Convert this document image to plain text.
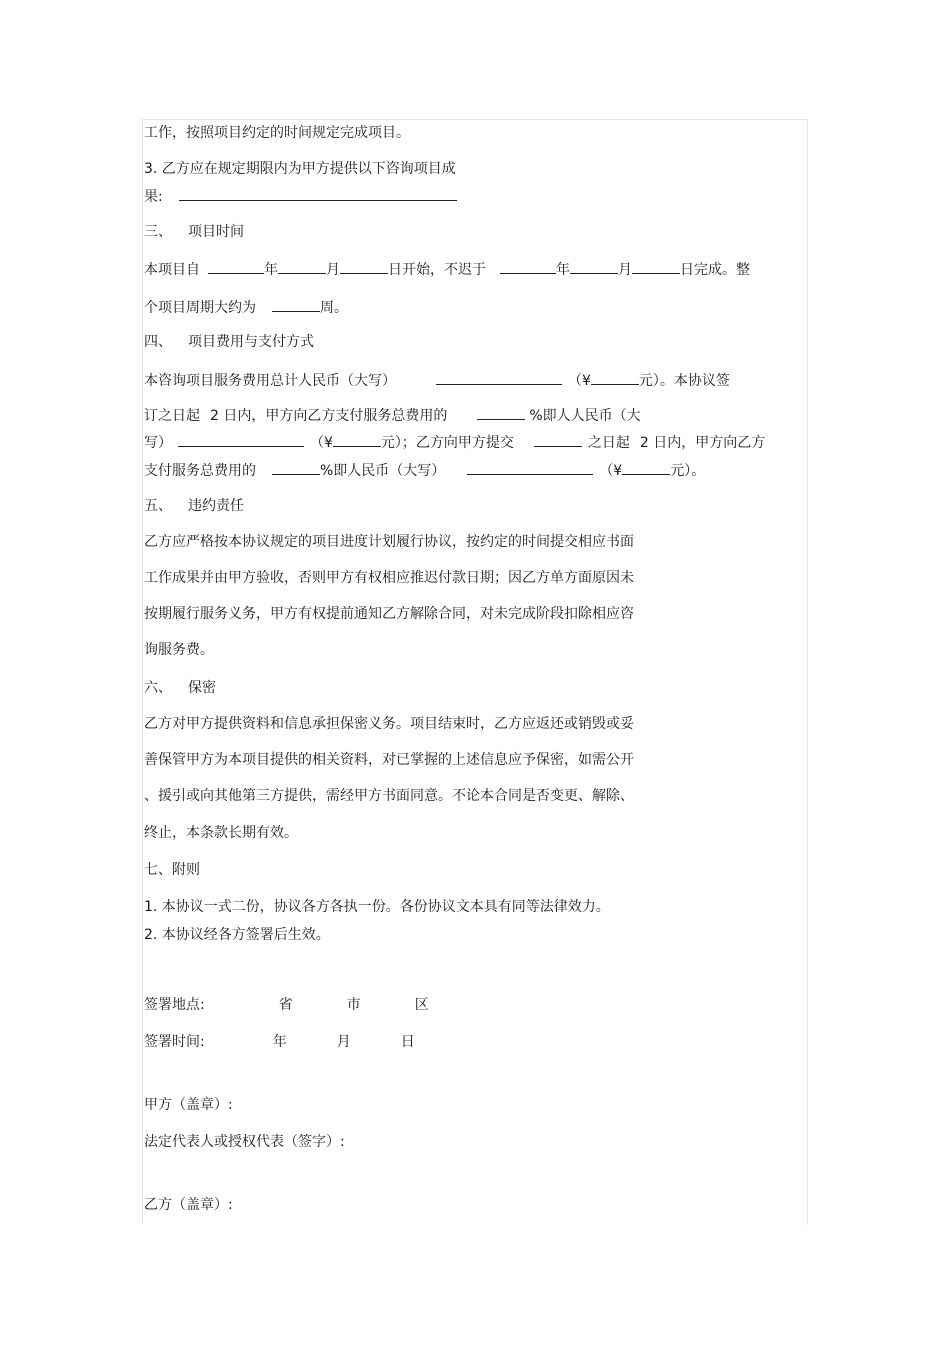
工作，按照项目约定的时间规定完成项目。
3. 乙方应在规定期限内为甲方提供以下咨询项目成
果:
三、 项目时间
本项目自	年	月	日开始，不迟于	年	月	日完成。整
个项目周期大约为	周。
四、 项目费用与支付方式
本咨询项目服务费用总计人民币（大写）	（¥	元）。本协议签
订之日起 2 日内，甲方向乙方支付服务总费用的	%即人人民币（大
写）	（¥	元）；乙方向甲方提交	之日起 2 日内，甲方向乙方
支付服务总费用的	%即人民币（大写）	（¥	元）。
五、 违约责任
乙方应严格按本协议规定的项目进度计划履行协议，按约定的时间提交相应书面
工作成果并由甲方验收，否则甲方有权相应推迟付款日期；因乙方单方面原因未
按期履行服务义务，甲方有权提前通知乙方解除合同，对未完成阶段扣除相应咨
询服务费。
六、 保密
乙方对甲方提供资料和信息承担保密义务。项目结束时，乙方应返还或销毁或妥
善保管甲方为本项目提供的相关资料，对已掌握的上述信息应予保密，如需公开
、援引或向其他第三方提供，需经甲方书面同意。不论本合同是否变更、解除、
终止，本条款长期有效。
七、附则
1. 本协议一式二份，协议各方各执一份。各份协议文本具有同等法律效力。
2. 本协议经各方签署后生效。
签署地点:	省	市	区
签署时间:	年	月	日
甲方（盖章）:
法定代表人或授权代表（签字）:
乙方（盖章）:
